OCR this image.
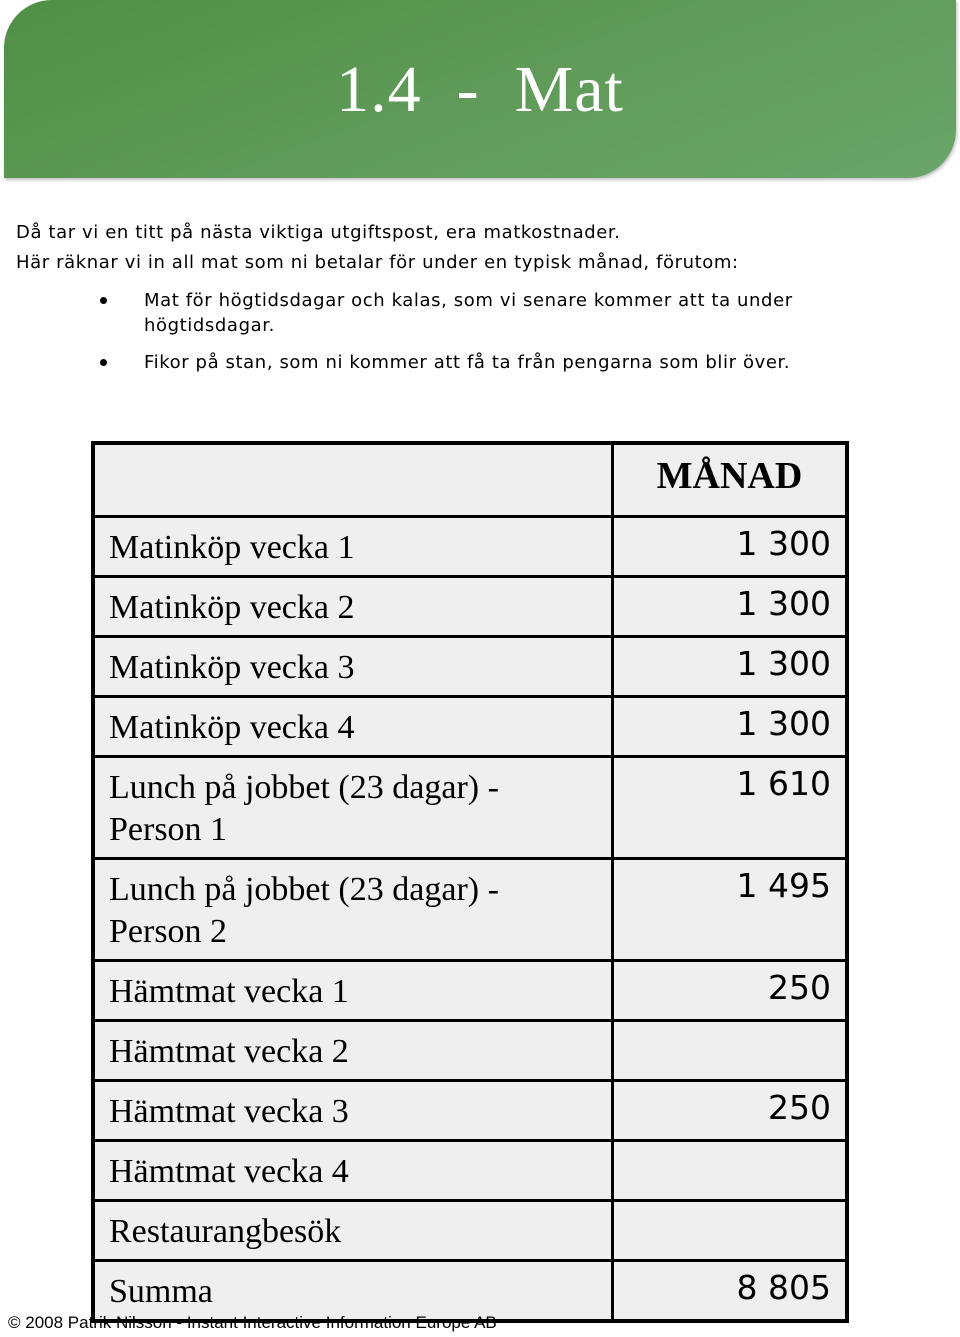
1.4  -  Mat

Då tar vi en titt på nästa viktiga utgiftspost, era matkostnader.

Här räknar vi in all mat som ni betalar för under en typisk månad, förutom:

Mat för högtidsdagar och kalas, som vi senare kommer att ta under högtidsdagar.
Fikor på stan, som ni kommer att få ta från pengarna som blir över.
	MÅNAD
Matinköp vecka 1	1 300
Matinköp vecka 2	1 300
Matinköp vecka 3	1 300
Matinköp vecka 4	1 300
Lunch på jobbet (23 dagar) - Person 1	1 610
Lunch på jobbet (23 dagar) - Person 2	1 495
Hämtmat vecka 1	250
Hämtmat vecka 2	
Hämtmat vecka 3	250
Hämtmat vecka 4	
Restaurangbesök	
Summa	8 805
© 2008 Patrik Nilsson - Instant Interactive Information Europe AB
